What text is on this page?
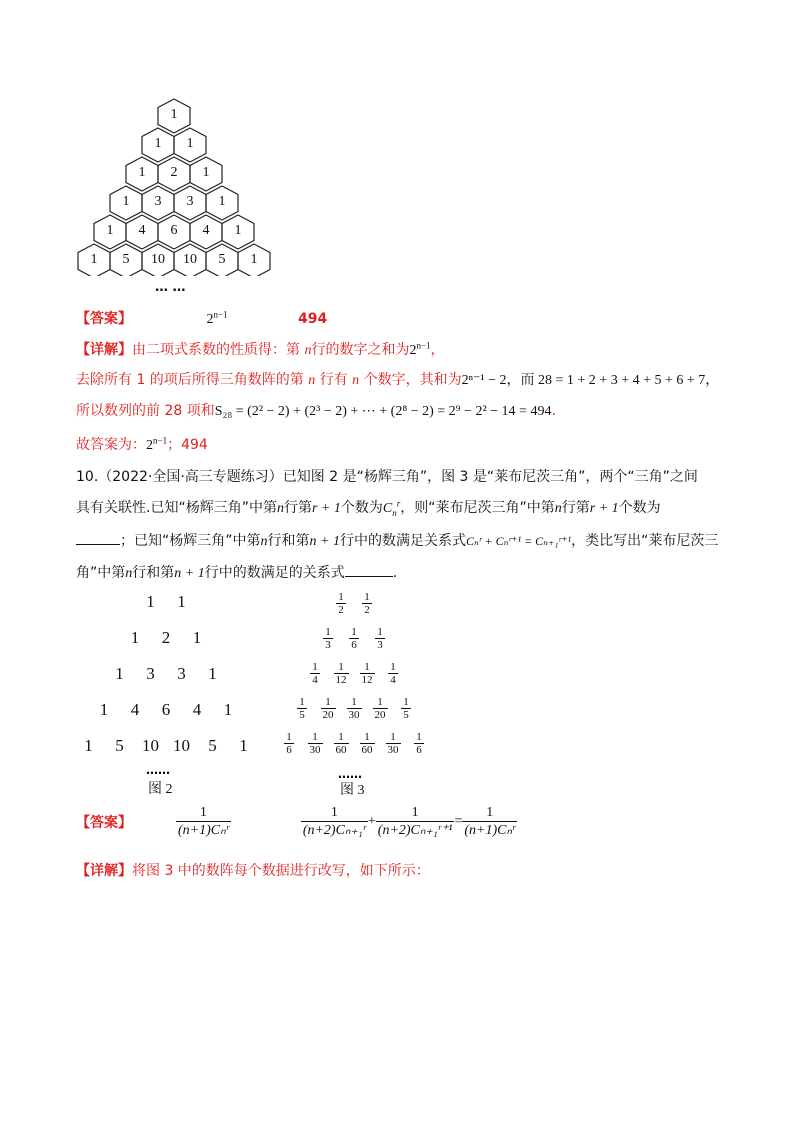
1
1	1
1	2	1
1	3	3	1
1	4	6	4	1
1	5	10	10	5	1
… …
【答案】	$2^{n-1}$	494
【详解】由二项式系数的性质得：第 n行的数字之和为$2^{n-1}$，
去除所有 1 的项后所得三角数阵的第 n 行有 n 个数字，其和为2ⁿ⁻¹ − 2，而 28 = 1 + 2 + 3 + 4 + 5 + 6 + 7，
所以数列的前 28 项和S₂₈ = (2² − 2) + (2³ − 2) + ⋯ + (2⁸ − 2) = 2⁹ − 2² − 14 = 494.
故答案为：$2^{n-1}$；494
10.（2022·全国·高三专题练习）已知图 2 是“杨辉三角”，图 3 是“莱布尼茨三角”，两个“三角”之间
具有关联性.已知“杨辉三角”中第n行第r + 1个数为$C_n^r$，则“莱布尼茨三角”中第n行第r + 1个数为
；已知“杨辉三角”中第n行和第n + 1行中的数满足关系式Cₙʳ + Cₙʳ⁺¹ = Cₙ₊₁ʳ⁺¹，类比写出“莱布尼茨三
角”中第n行和第n + 1行中的数满足的关系式	.
1	1
1	2	1
1	3	3	1
1	4	6	4	1
1	5	10 10	5	1
……
图 2
$\frac{1}{2} \frac{1}{2}$
$\frac{1}{3} \frac{1}{6} \frac{1}{3}$
$\frac{1}{4} \frac{1}{12} \frac{1}{12} \frac{1}{4}$
$\frac{1}{5} \frac{1}{20} \frac{1}{30} \frac{1}{20} \frac{1}{5}$
$\frac{1}{6} \frac{1}{30} \frac{1}{60} \frac{1}{60} \frac{1}{30} \frac{1}{6}$
……
图 3
【答案】	$\frac{1}{\text{(n+1)Cₙʳ}}$	$\frac{1}{\text{(n+2)Cₙ₊₁ʳ}} + \frac{1}{\text{(n+2)Cₙ₊₁ʳ⁺¹}} = \frac{1}{\text{(n+1)Cₙʳ}}$
【详解】将图 3 中的数阵每个数据进行改写，如下所示：
